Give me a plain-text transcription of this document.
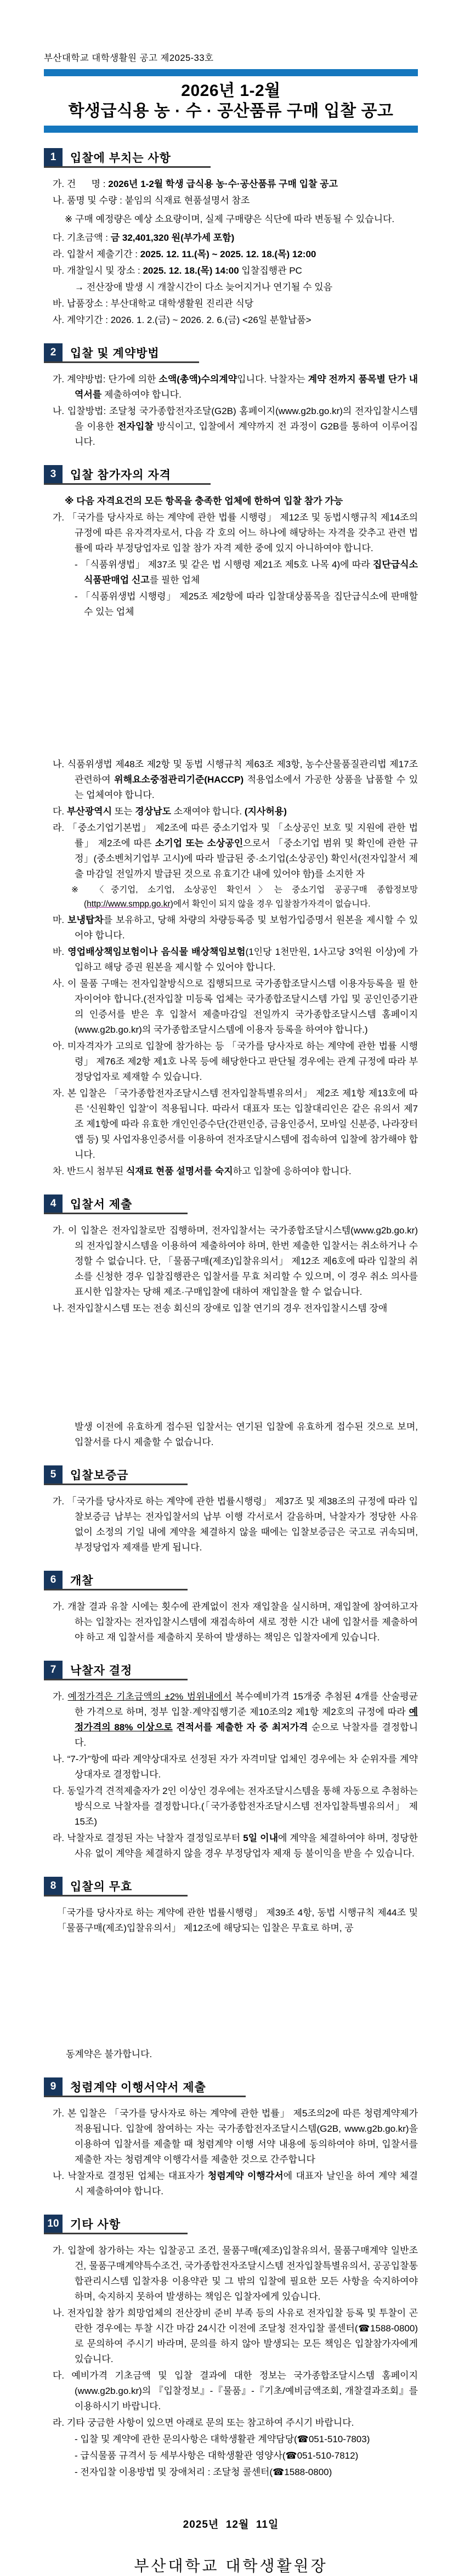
부산대학교 대학생활원 공고 제2025-33호
2026년 1-2월
학생급식용 농 · 수 · 공산품류 구매 입찰 공고
1	입찰에 부치는 사항

가. 건      명 : 2026년 1-2월 학생 급식용 농·수·공산품류 구매 입찰 공고

나. 품명 및 수량 : 붙임의 식재료 현품설명서 참조

※ 구매 예정량은 예상 소요량이며, 실제 구매량은 식단에 따라 변동될 수 있습니다.

다. 기초금액 : 금 32,401,320 원(부가세 포함)

라. 입찰서 제출기간 : 2025. 12. 11.(목) ~ 2025. 12. 18.(목) 12:00

마. 개찰일시 및 장소 : 2025. 12. 18.(목) 14:00 입찰집행관 PC

→ 전산장애 발생 시 개찰시간이 다소 늦어지거나 연기될 수 있음

바. 납품장소 : 부산대학교 대학생활원 진리관 식당

사. 계약기간 : 2026. 1. 2.(금) ~ 2026. 2. 6.(금) <26일 분할납품>

2	입찰 및 계약방법

가. 계약방법: 단가에 의한 소액(총액)수의계약입니다. 낙찰자는 계약 전까지 품목별 단가 내역서를 제출하여야 합니다.

나. 입찰방법: 조달청 국가종합전자조달(G2B) 홈페이지(www.g2b.go.kr)의 전자입찰시스템을 이용한 전자입찰 방식이고, 입찰에서 계약까지 전 과정이 G2B를 통하여 이루어집니다.

3	입찰 참가자의 자격

※ 다음 자격요건의 모든 항목을 충족한 업체에 한하여 입찰 참가 가능

가. 「국가를 당사자로 하는 계약에 관한 법률 시행령」 제12조 및 동법시행규칙 제14조의 규정에 따른 유자격자로서, 다음 각 호의 어느 하나에 해당하는 자격을 갖추고 관련 법률에 따라 부정당업자로 입찰 참가 자격 제한 중에 있지 아니하여야 합니다.

- 「식품위생법」 제37조 및 같은 법 시행령 제21조 제5호 나목 4)에 따라 집단급식소 식품판매업 신고를 필한 업체

- 「식품위생법 시행령」 제25조 제2항에 따라 입찰대상품목을 집단급식소에 판매할 수 있는 업체

나. 식품위생법 제48조 제2항 및 동법 시행규칙 제63조 제3항, 농수산물품질관리법 제17조 관련하여 위해요소중점관리기준(HACCP) 적용업소에서 가공한 상품을 납품할 수 있는 업체여야 합니다.

다. 부산광역시 또는 경상남도 소재여야 합니다. (지사허용)

라. 「중소기업기본법」 제2조에 따른 중소기업자 및 「소상공인 보호 및 지원에 관한 법률」 제2조에 따른 소기업 또는 소상공인으로서 「중소기업 범위 및 확인에 관한 규정」(중소벤처기업부 고시)에 따라 발급된 중·소기업(소상공인) 확인서(전자입찰서 제출 마감일 전일까지 발급된 것으로 유효기간 내에 있어야 함)를 소지한 자

※ 〈중기업, 소기업, 소상공인 확인서〉는 중소기업 공공구매 종합정보망(http://www.smpp.go.kr)에서 확인이 되지 않을 경우 입찰참가자격이 없습니다.

마. 보냉탑차를 보유하고, 당해 차량의 차량등록증 및 보험가입증명서 원본을 제시할 수 있어야 합니다.

바. 영업배상책임보험이나 음식물 배상책임보험(1인당 1천만원, 1사고당 3억원 이상)에 가입하고 해당 증권 원본을 제시할 수 있어야 합니다.

사. 이 물품 구매는 전자입찰방식으로 집행되므로 국가종합조달시스템 이용자등록을 필 한 자이어야 합니다.(전자입찰 미등록 업체는 국가종합조달시스템 가입 및 공인인증기관의 인증서를 받은 후 입찰서 제출마감일 전일까지 국가종합조달시스템 홈페이지(www.g2b.go.kr)의 국가종합조달시스템에 이용자 등록을 하여야 합니다.)

아. 미자격자가 고의로 입찰에 참가하는 등 「국가를 당사자로 하는 계약에 관한 법률 시행령」 제76조 제2항 제1호 나목 등에 해당한다고 판단될 경우에는 관계 규정에 따라 부정당업자로 제재할 수 있습니다.

자. 본 입찰은 「국가종합전자조달시스템 전자입찰특별유의서」 제2조 제1항 제13호에 따른 ‘신원확인 입찰’이 적용됩니다. 따라서 대표자 또는 입찰대리인은 같은 유의서 제7조 제1항에 따라 유효한 개인인증수단(간편인증, 금융인증서, 모바일 신분증, 나라장터 앱 등) 및 사업자용인증서를 이용하여 전자조달시스템에 접속하여 입찰에 참가해야 합니다.

차. 반드시 첨부된 식재료 현품 설명서를 숙지하고 입찰에 응하여야 합니다.

4	입찰서 제출

가. 이 입찰은 전자입찰로만 집행하며, 전자입찰서는 국가종합조달시스템(www.g2b.go.kr)의 전자입찰시스템을 이용하여 제출하여야 하며, 한번 제출한 입찰서는 취소하거나 수정할 수 없습니다. 단, 「물품구매(제조)입찰유의서」 제12조 제6호에 따라 입찰의 취소를 신청한 경우 입찰집행관은 입찰서를 무효 처리할 수 있으며, 이 경우 취소 의사를 표시한 입찰자는 당해 제조·구매입찰에 대하여 재입찰을 할 수 없습니다.

나. 전자입찰시스템 또는 전송 회신의 장애로 입찰 연기의 경우 전자입찰시스템 장애

발생 이전에 유효하게 접수된 입찰서는 연기된 입찰에 유효하게 접수된 것으로 보며, 입찰서를 다시 제출할 수 없습니다.

5	입찰보증금

가. 「국가를 당사자로 하는 계약에 관한 법률시행령」 제37조 및 제38조의 규정에 따라 입찰보증금 납부는 전자입찰서의 납부 이행 각서로서 갈음하며, 낙찰자가 정당한 사유 없이 소정의 기일 내에 계약을 체결하지 않을 때에는 입찰보증금은 국고로 귀속되며, 부정당업자 제재를 받게 됩니다.

6	개찰

가. 개찰 결과 유찰 시에는 횟수에 관계없이 전자 재입찰을 실시하며, 재입찰에 참여하고자 하는 입찰자는 전자입찰시스템에 재접속하여 새로 정한 시간 내에 입찰서를 제출하여야 하고 재 입찰서를 제출하지 못하여 발생하는 책임은 입찰자에게 있습니다.

7	낙찰자 결정

가. 예정가격은 기초금액의 ±2% 범위내에서 복수예비가격 15개중 추첨된 4개를 산술평균한 가격으로 하며, 정부 입찰·계약집행기준 제10조의2 제1항 제2호의 규정에 따라 예정가격의 88% 이상으로 견적서를 제출한 자 중 최저가격 순으로 낙찰자를 결정합니다.

나. “7-가”항에 따라 계약상대자로 선정된 자가 자격미달 업체인 경우에는 차 순위자를 계약상대자로 결정합니다.

다. 동일가격 견적제출자가 2인 이상인 경우에는 전자조달시스템을 통해 자동으로 추첨하는 방식으로 낙찰자를 결정합니다.(「국가종합전자조달시스템 전자입찰특별유의서」 제15조)

라. 낙찰자로 결정된 자는 낙찰자 결정일로부터 5일 이내에 계약을 체결하여야 하며, 정당한 사유 없이 계약을 체결하지 않을 경우 부정당업자 제재 등 불이익을 받을 수 있습니다.

8	입찰의 무효

「국가를 당사자로 하는 계약에 관한 법률시행령」 제39조 4항, 동법 시행규칙 제44조 및 「물품구매(제조)입찰유의서」 제12조에 해당되는 입찰은 무효로 하며, 공

동계약은 불가합니다.

9	청렴계약 이행서약서 제출

가. 본 입찰은 「국가를 당사자로 하는 계약에 관한 법률」 제5조의2에 따른 청렴계약제가 적용됩니다. 입찰에 참여하는 자는 국가종합전자조달시스템(G2B, www.g2b.go.kr)을 이용하여 입찰서를 제출할 때 청렴계약 이행 서약 내용에 동의하여야 하며, 입찰서를 제출한 자는 청렴계약 이행각서를 제출한 것으로 간주합니다

나. 낙찰자로 결정된 업체는 대표자가 청렴계약 이행각서에 대표자 날인을 하여 계약 체결 시 제출하여야 합니다.

10 기타 사항

가. 입찰에 참가하는 자는 입찰공고 조건, 물품구매(제조)입찰유의서, 물품구매계약 일반조건, 물품구매계약특수조건, 국가종합전자조달시스템 전자입찰특별유의서, 공공입찰통합관리시스템 입찰자용 이용약관 및 그 밖의 입찰에 필요한 모든 사항을 숙지하여야 하며, 숙지하지 못하여 발생하는 책임은 입찰자에게 있습니다.

나. 전자입찰 참가 희망업체의 전산장비 준비 부족 등의 사유로 전자입찰 등록 및 투찰이 곤란한 경우에는 투찰 시간 마감 24시간 이전에 조달청 전자입찰 콜센터(☎1588-0800)로 문의하여 주시기 바라며, 문의를 하지 않아 발생되는 모든 책임은 입찰참가자에게 있습니다.

다. 예비가격 기초금액 및 입찰 결과에 대한 정보는 국가종합조달시스템 홈페이지(www.g2b.go.kr)의 『입찰정보』-『물품』-『기초/예비금액조회, 개찰결과조회』를 이용하시기 바랍니다.

라. 기타 궁금한 사항이 있으면 아래로 문의 또는 참고하여 주시기 바랍니다.

- 입찰 및 계약에 관한 문의사항은 대학생활관 계약담당(☎051-510-7803)

- 급식물품 규격서 등 세부사항은 대학생활관 영양사(☎051-510-7812)

- 전자입찰 이용방법 및 장애처리 : 조달청 콜센터(☎1588-0800)

2025년  12월  11일
부산대학교 대학생활원장
